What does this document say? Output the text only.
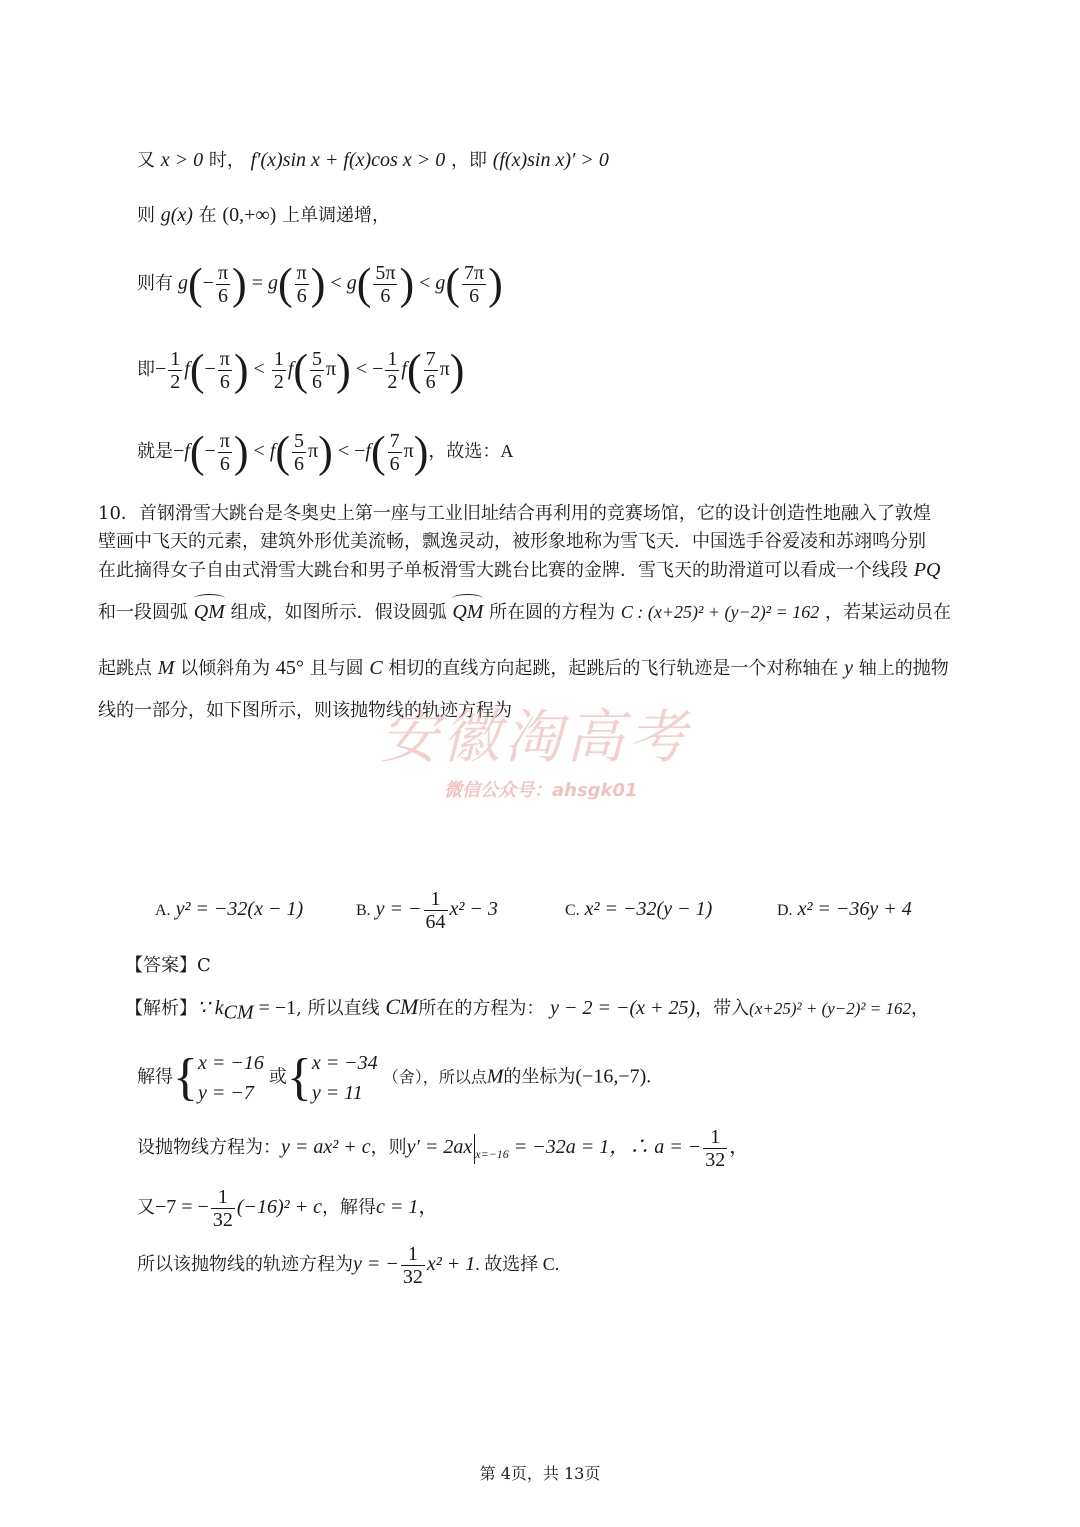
又 x > 0 时， f′(x)sin x + f(x)cos x > 0 ，即 (f(x)sin x)′ > 0
则 g(x) 在 (0,+∞) 上单调递增，
则有 $g(- \frac{\pi}{6}$ ) = $g( \frac{\pi}{6}$ ) < $g( \frac{5\pi}{6}$ ) < $g( \frac{7\pi}{6}$ )
即− $\frac{1}{2} f(- \frac{\pi}{6}$ ) < $\frac{1}{2} f( \frac{5}{6} \pi)$ < − $\frac{1}{2} f( \frac{7}{6} \pi)$
就是$-f(- \frac{\pi}{6}$ ) < $f( \frac{5}{6} \pi) < -f( \frac{7}{6} \pi)$，故选：A
10．首钢滑雪大跳台是冬奥史上第一座与工业旧址结合再利用的竞赛场馆，它的设计创造性地融入了敦煌
壁画中飞天的元素，建筑外形优美流畅，飘逸灵动，被形象地称为雪飞天．中国选手谷爱凌和苏翊鸣分别
在此摘得女子自由式滑雪大跳台和男子单板滑雪大跳台比赛的金牌．雪飞天的助滑道可以看成一个线段 PQ
和一段圆弧 QM 组成，如图所示．假设圆弧 QM 所在圆的方程为 C : (x+25)² + (y−2)² = 162 ，若某运动员在
起跳点 M 以倾斜角为 45° 且与圆 C 相切的直线方向起跳，起跳后的飞行轨迹是一个对称轴在 y 轴上的抛物
线的一部分，如下图所示，则该抛物线的轨迹方程为
安徽淘高考
微信公众号：ahsgk01
A. y² = −32(x − 1)	B. y = − $\frac{1}{64} x^2 - 3$	C. x² = −32(y − 1)	D. x² = −36y + 4
【答案】C
【解析】∵ $k_{CM} = -1$, 所以直线 CM所在的方程为： y − 2 = −(x + 25)，带入(x+25)² + (y−2)² = 162，
解得{ x = −16
y = −7
或{ x = −34
y = 11
（舍），所以点M的坐标为(−16,−7).
设抛物线方程为：y = ax² + c，则y′ = 2ax $_{x=-16}$ = −32a = 1，∴ a = − $\frac{1}{32}$ ，
又−7 = − $\frac{1}{32} (-16)^2 + c$，解得c = 1，
所以该抛物线的轨迹方程为y = − $\frac{1}{32} x^2 + 1$. 故选择 C.
第 4页，共 13页
